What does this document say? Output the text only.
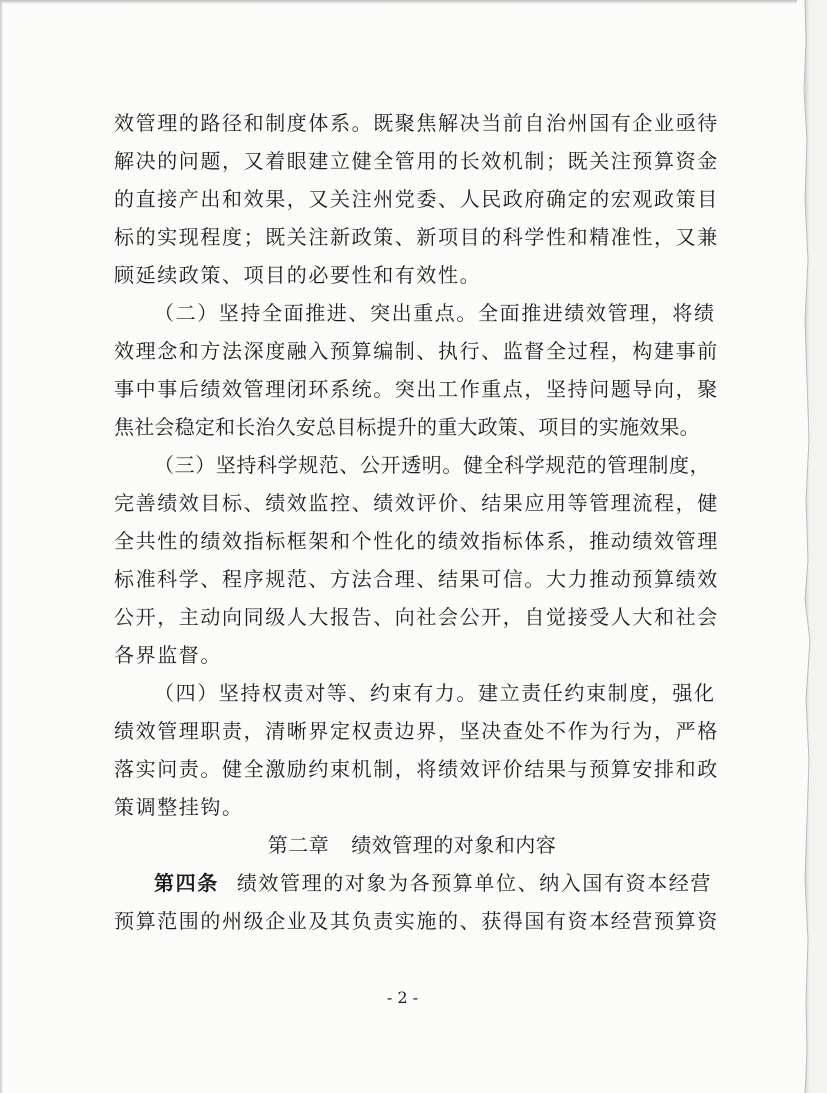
效管理的路径和制度体系。既聚焦解决当前自治州国有企业亟待
解决的问题，又着眼建立健全管用的长效机制；既关注预算资金
的直接产出和效果，又关注州党委、人民政府确定的宏观政策目
标的实现程度；既关注新政策、新项目的科学性和精准性，又兼
顾延续政策、项目的必要性和有效性。
（二）坚持全面推进、突出重点。全面推进绩效管理，将绩
效理念和方法深度融入预算编制、执行、监督全过程，构建事前
事中事后绩效管理闭环系统。突出工作重点，坚持问题导向，聚
焦社会稳定和长治久安总目标提升的重大政策、项目的实施效果。
（三）坚持科学规范、公开透明。健全科学规范的管理制度，
完善绩效目标、绩效监控、绩效评价、结果应用等管理流程，健
全共性的绩效指标框架和个性化的绩效指标体系，推动绩效管理
标准科学、程序规范、方法合理、结果可信。大力推动预算绩效
公开，主动向同级人大报告、向社会公开，自觉接受人大和社会
各界监督。
（四）坚持权责对等、约束有力。建立责任约束制度，强化
绩效管理职责，清晰界定权责边界，坚决查处不作为行为，严格
落实问责。健全激励约束机制，将绩效评价结果与预算安排和政
策调整挂钩。
第二章 绩效管理的对象和内容
第四条 绩效管理的对象为各预算单位、纳入国有资本经营
预算范围的州级企业及其负责实施的、获得国有资本经营预算资
- 2 -
